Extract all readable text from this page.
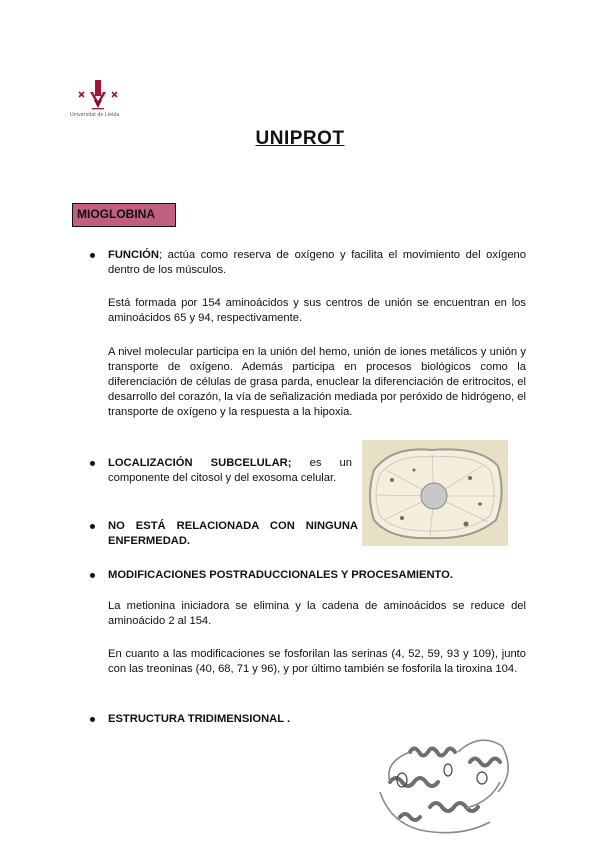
Universitat de Lleida
UNIPROT
MIOGLOBINA
FUNCIÓN; actúa como reserva de oxígeno y facilita el movimiento del oxígeno dentro de los músculos.
Está formada por 154 aminoácidos y sus centros de unión se encuentran en los aminoácidos 65 y 94, respectivamente.
A nivel molecular participa en la unión del hemo, unión de iones metálicos y unión y transporte de oxígeno. Además participa en procesos biológicos como la diferenciación de células de grasa parda, enuclear la diferenciación de eritrocitos, el desarrollo del corazón, la vía de señalización mediada por peróxido de hidrógeno, el transporte de oxígeno y la respuesta a la hipoxia.
LOCALIZACIÓN SUBCELULAR; es un componente del citosol y del exosoma celular.
NO ESTÁ RELACIONADA CON NINGUNA ENFERMEDAD.
MODIFICACIONES POSTRADUCCIONALES Y PROCESAMIENTO.
La metionina iniciadora se elimina y la cadena de aminoácidos se reduce del aminoácido 2 al 154.
En cuanto a las modificaciones se fosforilan las serinas (4, 52, 59, 93 y 109), junto con las treoninas (40, 68, 71 y 96), y por último también se fosforila la tiroxina 104.
ESTRUCTURA TRIDIMENSIONAL .
